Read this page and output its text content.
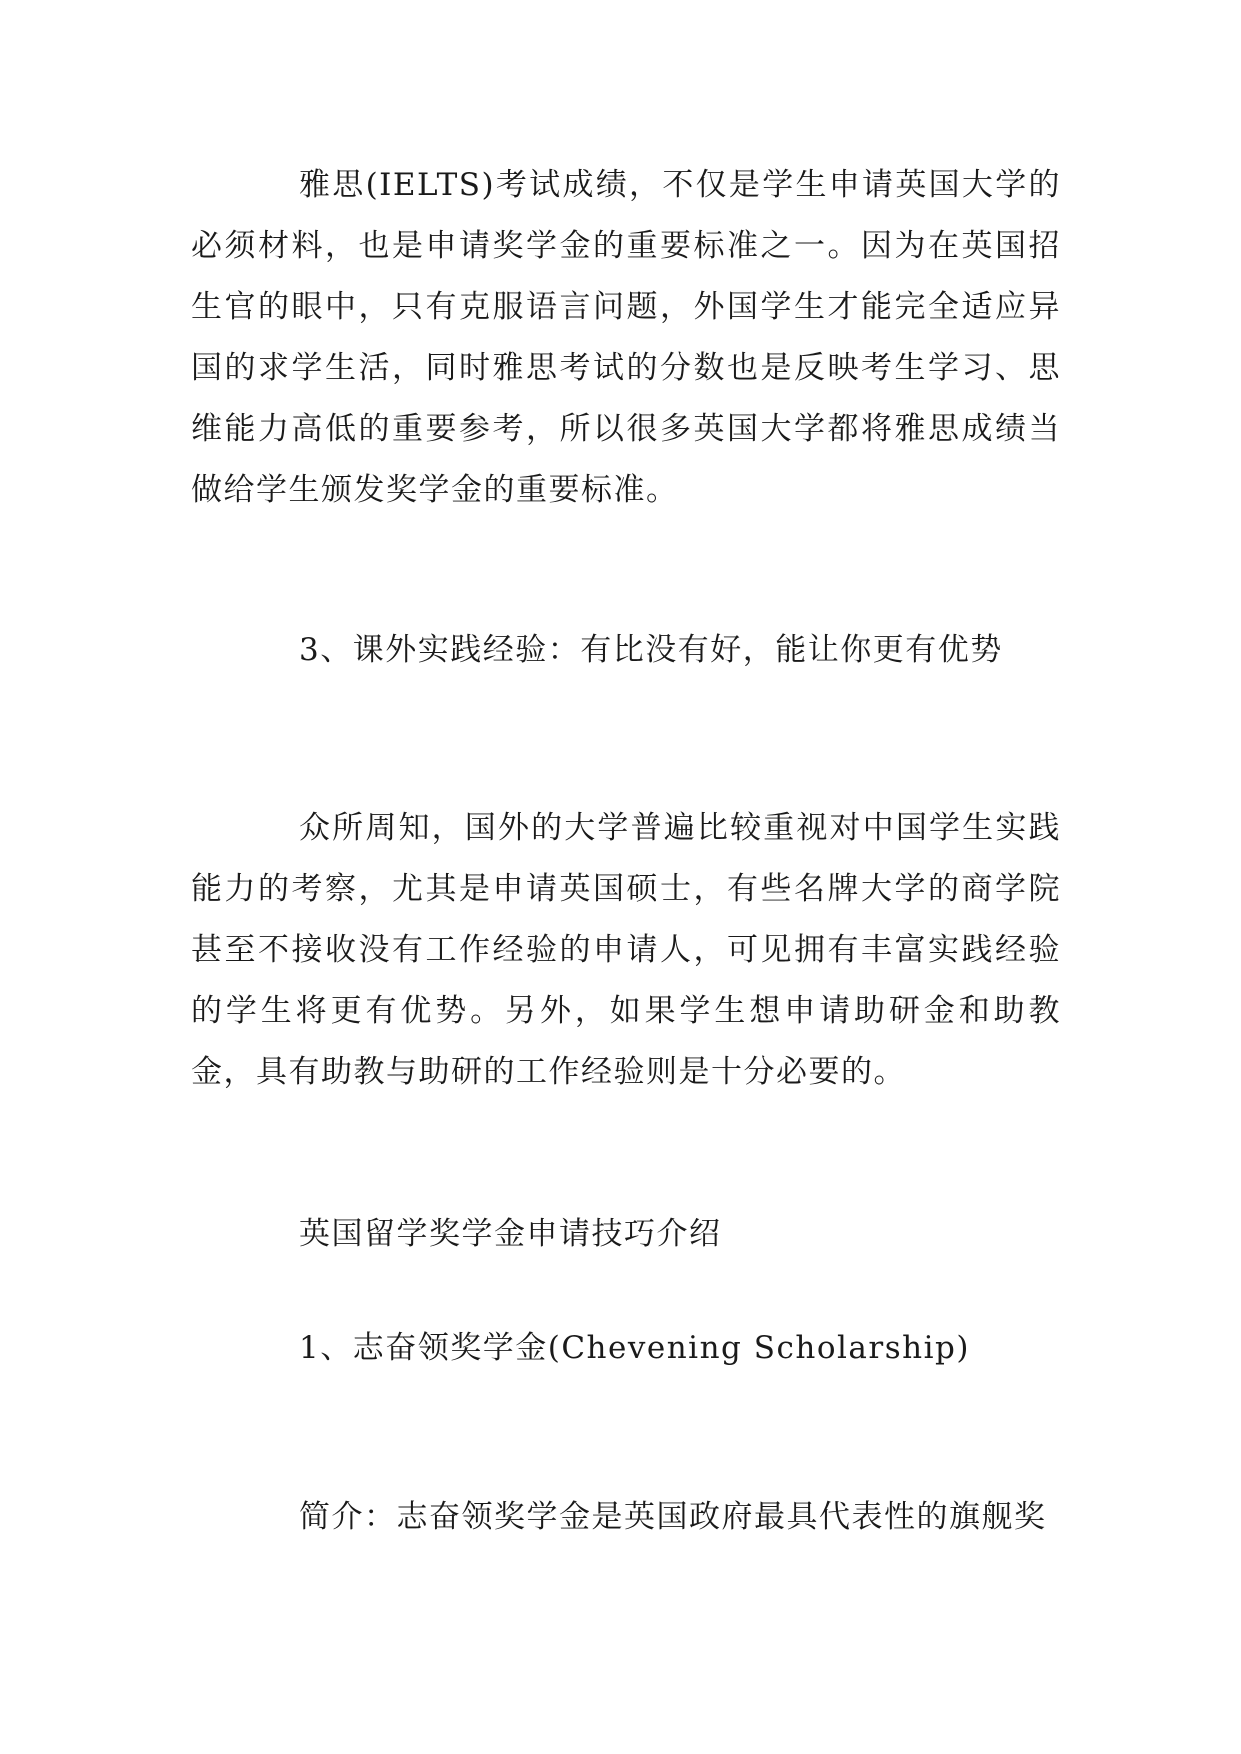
雅思(IELTS)考试成绩，不仅是学生申请英国大学的必须材料，也是申请奖学金的重要标准之一。因为在英国招生官的眼中，只有克服语言问题，外国学生才能完全适应异国的求学生活，同时雅思考试的分数也是反映考生学习、思维能力高低的重要参考，所以很多英国大学都将雅思成绩当做给学生颁发奖学金的重要标准。

3、课外实践经验：有比没有好，能让你更有优势

众所周知，国外的大学普遍比较重视对中国学生实践能力的考察，尤其是申请英国硕士，有些名牌大学的商学院甚至不接收没有工作经验的申请人，可见拥有丰富实践经验的学生将更有优势。另外，如果学生想申请助研金和助教金，具有助教与助研的工作经验则是十分必要的。

英国留学奖学金申请技巧介绍

1、志奋领奖学金(Chevening Scholarship)

简介：志奋领奖学金是英国政府最具代表性的旗舰奖
